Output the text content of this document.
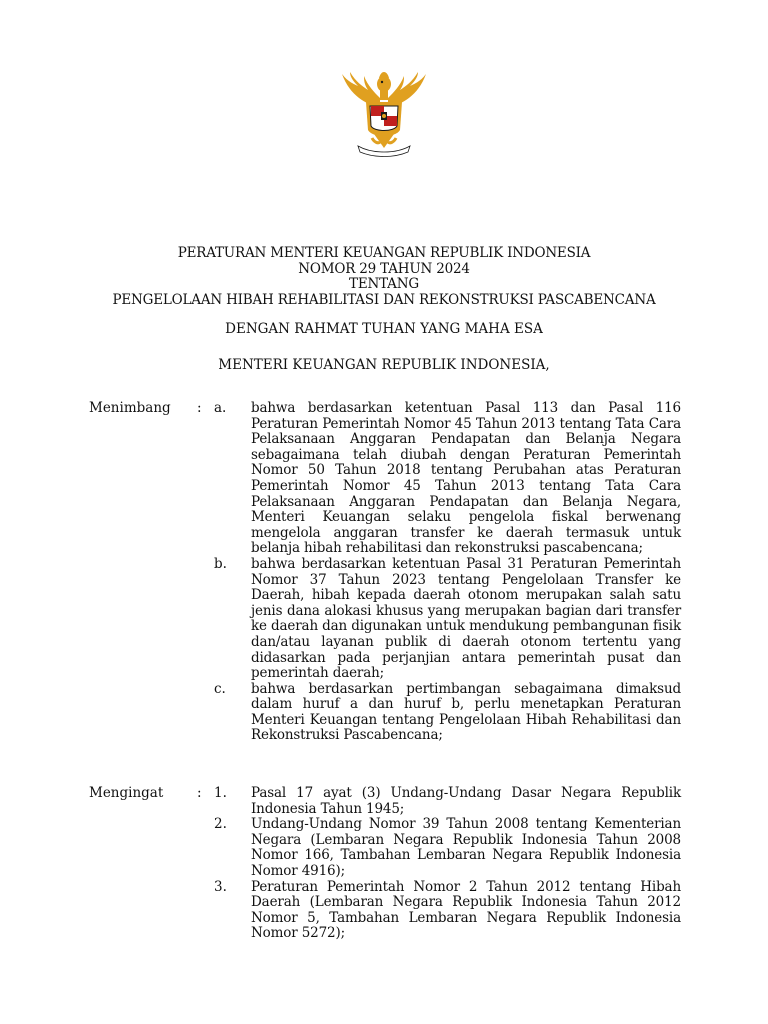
PERATURAN MENTERI KEUANGAN REPUBLIK INDONESIA
NOMOR 29 TAHUN 2024
TENTANG
PENGELOLAAN HIBAH REHABILITASI DAN REKONSTRUKSI PASCABENCANA
DENGAN RAHMAT TUHAN YANG MAHA ESA
MENTERI KEUANGAN REPUBLIK INDONESIA,
Menimbang : a. bahwa berdasarkan ketentuan Pasal 113 dan Pasal 116 Peraturan Pemerintah Nomor 45 Tahun 2013 tentang Tata Cara Pelaksanaan Anggaran Pendapatan dan Belanja Negara sebagaimana telah diubah dengan Peraturan Pemerintah Nomor 50 Tahun 2018 tentang Perubahan atas Peraturan Pemerintah Nomor 45 Tahun 2013 tentang Tata Cara Pelaksanaan Anggaran Pendapatan dan Belanja Negara, Menteri Keuangan selaku pengelola fiskal berwenang mengelola anggaran transfer ke daerah termasuk untuk belanja hibah rehabilitasi dan rekonstruksi pascabencana;
b. bahwa berdasarkan ketentuan Pasal 31 Peraturan Pemerintah Nomor 37 Tahun 2023 tentang Pengelolaan Transfer ke Daerah, hibah kepada daerah otonom merupakan salah satu jenis dana alokasi khusus yang merupakan bagian dari transfer ke daerah dan digunakan untuk mendukung pembangunan fisik dan/atau layanan publik di daerah otonom tertentu yang didasarkan pada perjanjian antara pemerintah pusat dan pemerintah daerah;
c. bahwa berdasarkan pertimbangan sebagaimana dimaksud dalam huruf a dan huruf b, perlu menetapkan Peraturan Menteri Keuangan tentang Pengelolaan Hibah Rehabilitasi dan Rekonstruksi Pascabencana;
Mengingat : 1. Pasal 17 ayat (3) Undang-Undang Dasar Negara Republik Indonesia Tahun 1945;
2. Undang-Undang Nomor 39 Tahun 2008 tentang Kementerian Negara (Lembaran Negara Republik Indonesia Tahun 2008 Nomor 166, Tambahan Lembaran Negara Republik Indonesia Nomor 4916);
3. Peraturan Pemerintah Nomor 2 Tahun 2012 tentang Hibah Daerah (Lembaran Negara Republik Indonesia Tahun 2012 Nomor 5, Tambahan Lembaran Negara Republik Indonesia Nomor 5272);
